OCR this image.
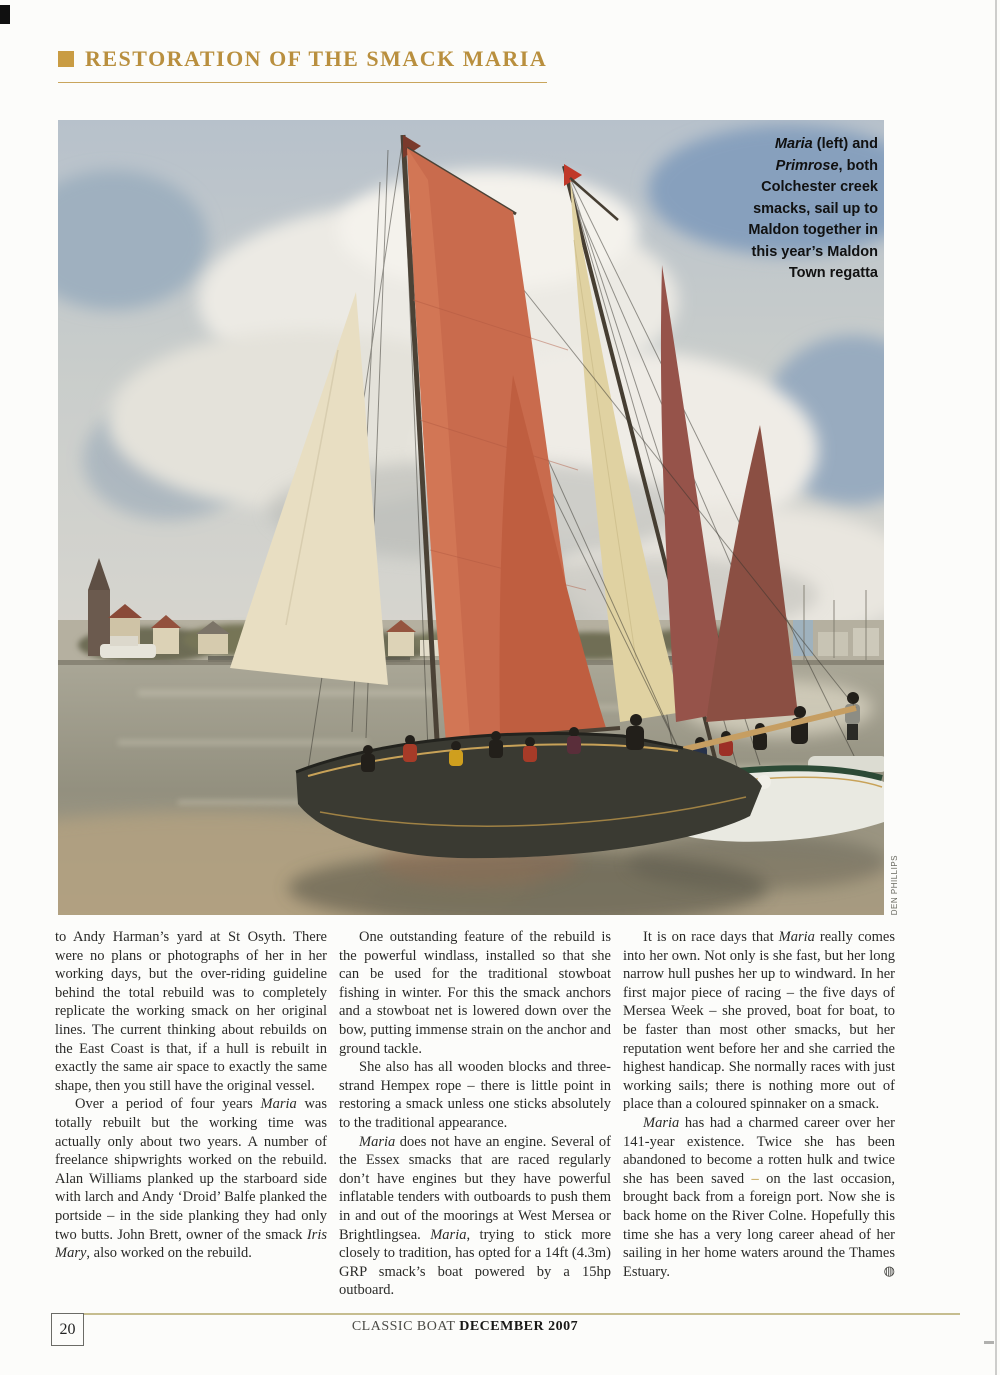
RESTORATION OF THE SMACK MARIA
Maria (left) and
Primrose, both
Colchester creek
smacks, sail up to
Maldon together in
this year’s Maldon
Town regatta
DEN PHILLIPS

to Andy Harman’s yard at St Osyth. There were no plans or photographs of her in her working days, but the over-riding guideline behind the total rebuild was to completely replicate the working smack on her original lines. The current thinking about rebuilds on the East Coast is that, if a hull is rebuilt in exactly the same air space to exactly the same shape, then you still have the original vessel.

Over a period of four years Maria was totally rebuilt but the working time was actually only about two years. A number of freelance shipwrights worked on the rebuild. Alan Williams planked up the starboard side with larch and Andy ‘Droid’ Balfe planked the portside – in the side planking they had only two butts. John Brett, owner of the smack Iris Mary, also worked on the rebuild.

One outstanding feature of the rebuild is the powerful windlass, installed so that she can be used for the traditional stowboat fishing in winter. For this the smack anchors and a stowboat net is lowered down over the bow, putting immense strain on the anchor and ground tackle.

She also has all wooden blocks and three-strand Hempex rope – there is little point in restoring a smack unless one sticks absolutely to the traditional appearance.

Maria does not have an engine. Several of the Essex smacks that are raced regularly don’t have engines but they have powerful inflatable tenders with outboards to push them in and out of the moorings at West Mersea or Brightlingsea. Maria, trying to stick more closely to tradition, has opted for a 14ft (4.3m) GRP smack’s boat powered by a 15hp outboard.

It is on race days that Maria really comes into her own. Not only is she fast, but her long narrow hull pushes her up to windward. In her first major piece of racing – the five days of Mersea Week – she proved, boat for boat, to be faster than most other smacks, but her reputation went before her and she carried the highest handicap. She normally races with just working sails; there is nothing more out of place than a coloured spinnaker on a smack.

Maria has had a charmed career over her 141-year existence. Twice she has been abandoned to become a rotten hulk and twice she has been saved – on the last occasion, brought back from a foreign port. Now she is back home on the River Colne. Hopefully this time she has a very long career ahead of her sailing in her home waters around the Thames Estuary.	◍

20	CLASSIC BOAT DECEMBER 2007
